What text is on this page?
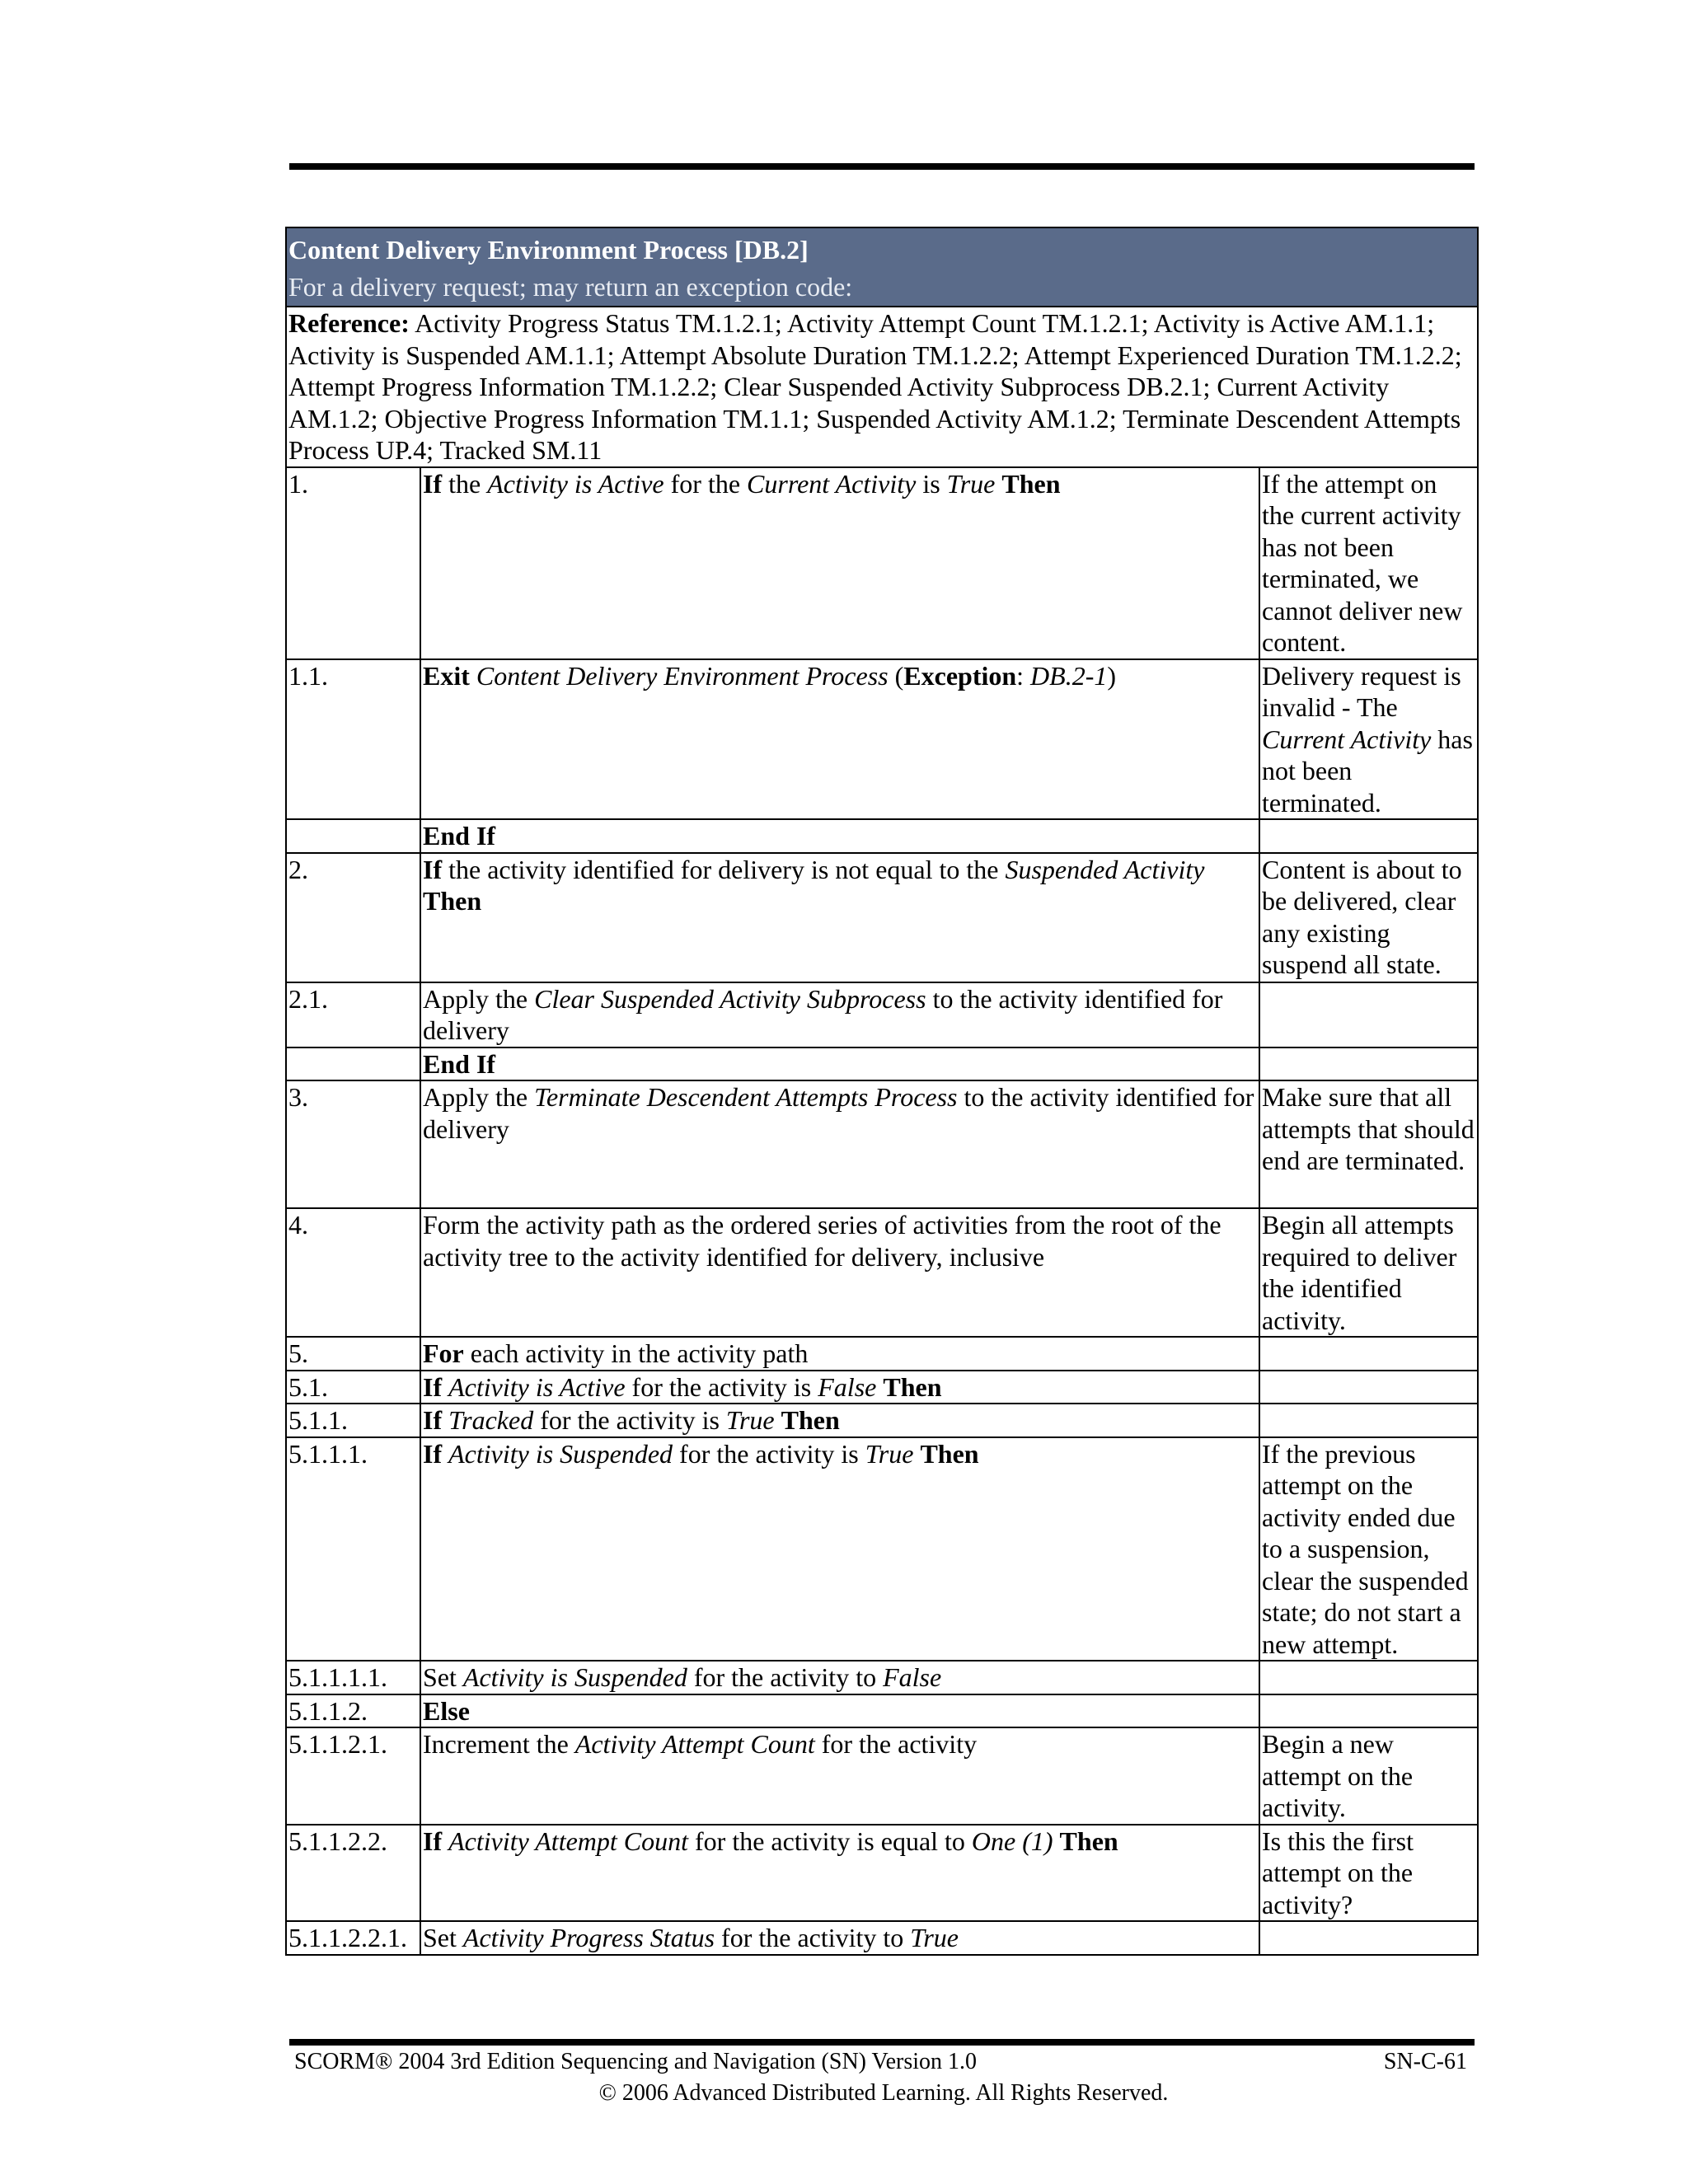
Content Delivery Environment Process [DB.2]
For a delivery request; may return an exception code:		

Reference: Activity Progress Status TM.1.2.1; Activity Attempt Count TM.1.2.1; Activity is Active AM.1.1; Activity is Suspended AM.1.1; Attempt Absolute Duration TM.1.2.2; Attempt Experienced Duration TM.1.2.2; Attempt Progress Information TM.1.2.2; Clear Suspended Activity Subprocess DB.2.1; Current Activity AM.1.2; Objective Progress Information TM.1.1; Suspended Activity AM.1.2; Terminate Descendent Attempts Process UP.4; Tracked SM.11		
1.	If the Activity is Active for the Current Activity is True Then	If the attempt on the current activity has not been terminated, we cannot deliver new content.
1.1.	Exit Content Delivery Environment Process (Exception: DB.2-1)	Delivery request is invalid - The Current Activity has not been terminated.
	End If	
2.	If the activity identified for delivery is not equal to the Suspended Activity Then	Content is about to be delivered, clear any existing suspend all state.
2.1.	Apply the Clear Suspended Activity Subprocess to the activity identified for delivery	
	End If	
3.	Apply the Terminate Descendent Attempts Process to the activity identified for delivery	Make sure that all attempts that should end are terminated.
4.	Form the activity path as the ordered series of activities from the root of the activity tree to the activity identified for delivery, inclusive	Begin all attempts required to deliver the identified activity.
5.	For each activity in the activity path	
5.1.	If Activity is Active for the activity is False Then	
5.1.1.	If Tracked for the activity is True Then	
5.1.1.1.	If Activity is Suspended for the activity is True Then	If the previous attempt on the activity ended due to a suspension, clear the suspended state; do not start a new attempt.
5.1.1.1.1.	Set Activity is Suspended for the activity to False	
5.1.1.2.	Else	
5.1.1.2.1.	Increment the Activity Attempt Count for the activity	Begin a new attempt on the activity.
5.1.1.2.2.	If Activity Attempt Count for the activity is equal to One (1) Then	Is this the first attempt on the activity?
5.1.1.2.2.1.	Set Activity Progress Status for the activity to True	
SCORM® 2004 3rd Edition Sequencing and Navigation (SN) Version 1.0	SN-C-61
© 2006 Advanced Distributed Learning. All Rights Reserved.
